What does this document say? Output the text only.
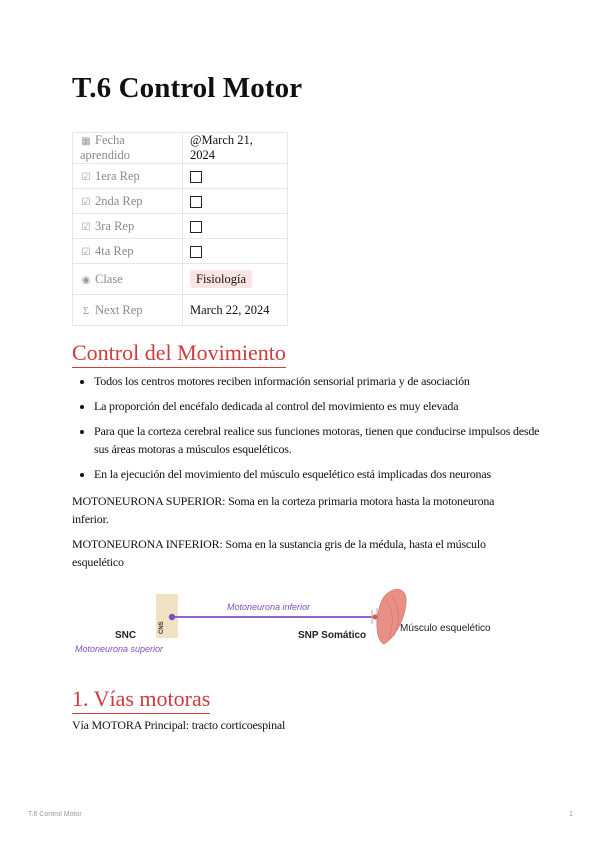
T.6 Control Motor
▦ Fecha aprendido	@March 21, 2024
☑ 1era Rep	
☑ 2nda Rep	
☑ 3ra Rep	
☑ 4ta Rep	
◉ Clase	Fisiología
Σ Next Rep	March 22, 2024
Control del Movimiento
• Todos los centros motores reciben información sensorial primaria y de asociación
• La proporción del encéfalo dedicada al control del movimiento es muy elevada
• Para que la corteza cerebral realice sus funciones motoras, tienen que conducirse impulsos desde sus áreas motoras a músculos esqueléticos.
• En la ejecución del movimiento del músculo esquelético está implicadas dos neuronas

MOTONEURONA SUPERIOR: Soma en la corteza primaria motora hasta la motoneurona inferior.

MOTONEURONA INFERIOR: Soma en la sustancia gris de la médula, hasta el músculo esquelético

CNS
SNC
Motoneurona superior
Motoneurona inferior
SNP Somático
Músculo esquelético
1. Vías motoras

Vía MOTORA Principal: tracto corticoespinal

T.6 Control Motor	1
